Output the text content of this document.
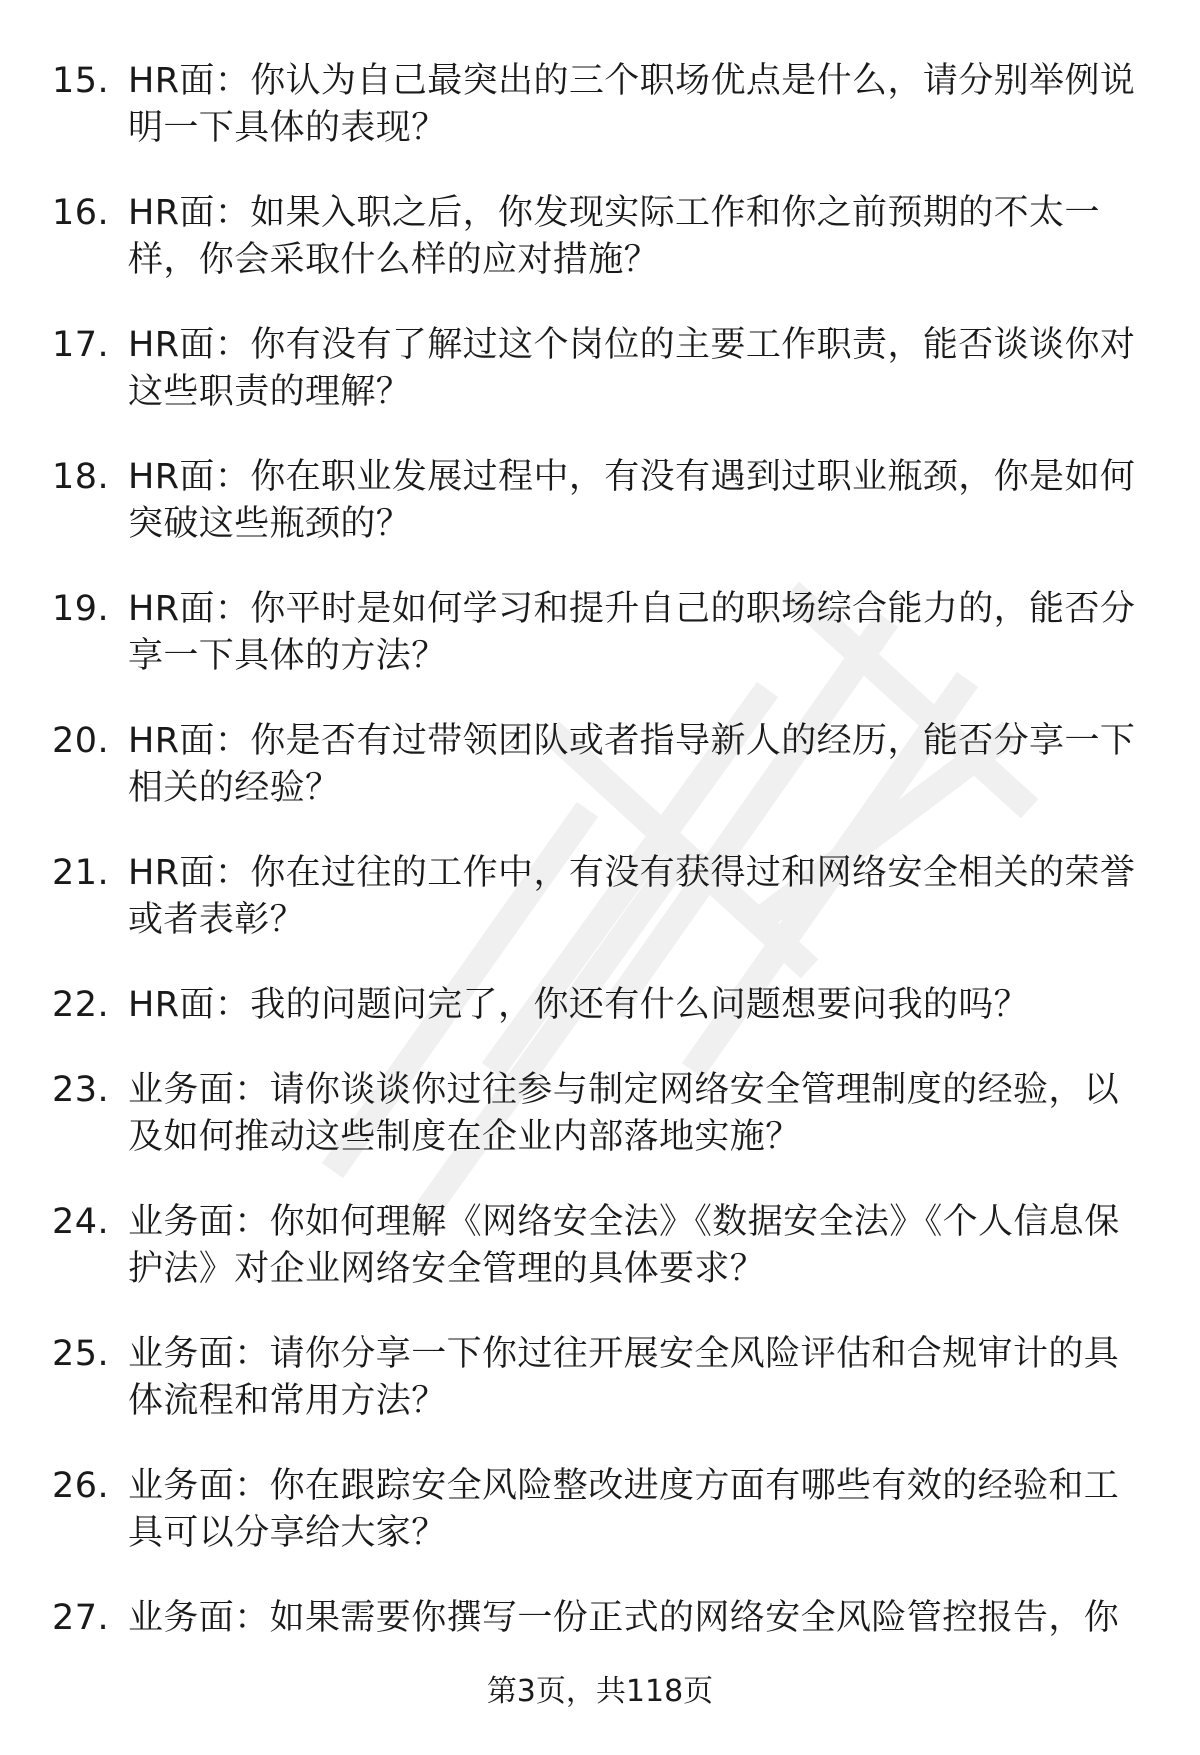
15. HR面：你认为自己最突出的三个职场优点是什么，请分别举例说明一下具体的表现？
16. HR面：如果入职之后，你发现实际工作和你之前预期的不太一样，你会采取什么样的应对措施？
17. HR面：你有没有了解过这个岗位的主要工作职责，能否谈谈你对这些职责的理解？
18. HR面：你在职业发展过程中，有没有遇到过职业瓶颈，你是如何突破这些瓶颈的？
19. HR面：你平时是如何学习和提升自己的职场综合能力的，能否分享一下具体的方法？
20. HR面：你是否有过带领团队或者指导新人的经历，能否分享一下相关的经验？
21. HR面：你在过往的工作中，有没有获得过和网络安全相关的荣誉或者表彰？
22. HR面：我的问题问完了，你还有什么问题想要问我的吗？
23. 业务面：请你谈谈你过往参与制定网络安全管理制度的经验，以及如何推动这些制度在企业内部落地实施？
24. 业务面：你如何理解《网络安全法》《数据安全法》《个人信息保护法》对企业网络安全管理的具体要求？
25. 业务面：请你分享一下你过往开展安全风险评估和合规审计的具体流程和常用方法？
26. 业务面：你在跟踪安全风险整改进度方面有哪些有效的经验和工具可以分享给大家？
27. 业务面：如果需要你撰写一份正式的网络安全风险管控报告，你
第3页，共118页
